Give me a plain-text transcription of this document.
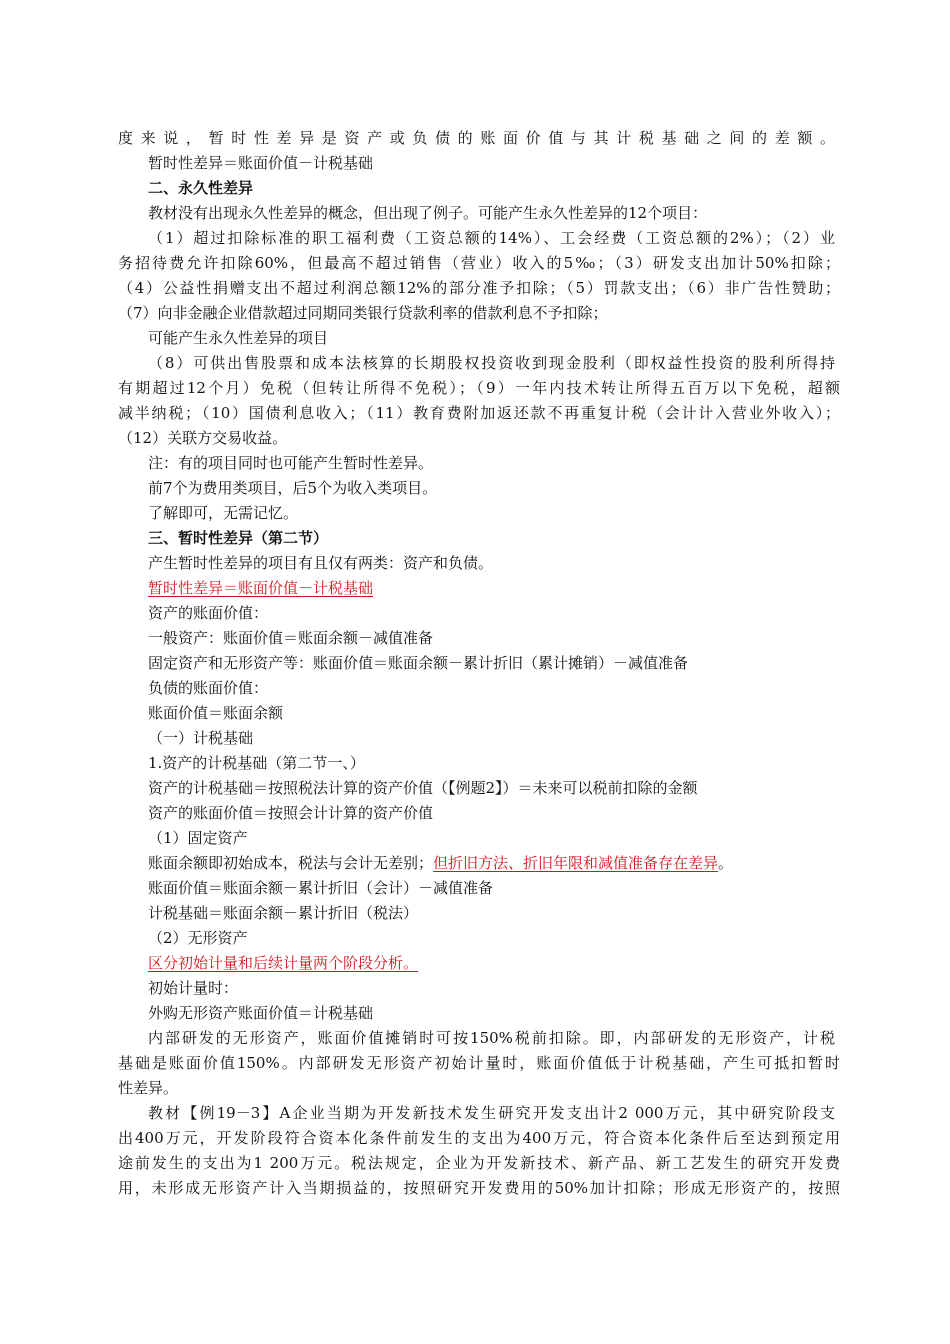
度来说，暂时性差异是资产或负债的账面价值与其计税基础之间的差额。
暂时性差异＝账面价值－计税基础
二、永久性差异
教材没有出现永久性差异的概念，但出现了例子。可能产生永久性差异的12个项目：
（1）超过扣除标准的职工福利费（工资总额的14%）、工会经费（工资总额的2%）；（2）业
务招待费允许扣除60%，但最高不超过销售（营业）收入的5‰；（3）研发支出加计50%扣除；
（4）公益性捐赠支出不超过利润总额12%的部分准予扣除；（5）罚款支出；（6）非广告性赞助；
（7）向非金融企业借款超过同期同类银行贷款利率的借款利息不予扣除；
可能产生永久性差异的项目
（8）可供出售股票和成本法核算的长期股权投资收到现金股利（即权益性投资的股利所得持
有期超过12个月）免税（但转让所得不免税）；（9）一年内技术转让所得五百万以下免税，超额
减半纳税；（10）国债利息收入；（11）教育费附加返还款不再重复计税（会计计入营业外收入）；
（12）关联方交易收益。
注：有的项目同时也可能产生暂时性差异。
前7个为费用类项目，后5个为收入类项目。
了解即可，无需记忆。
三、暂时性差异（第二节）
产生暂时性差异的项目有且仅有两类：资产和负债。
暂时性差异＝账面价值－计税基础
资产的账面价值：
一般资产：账面价值＝账面余额－减值准备
固定资产和无形资产等：账面价值＝账面余额－累计折旧（累计摊销）－减值准备
负债的账面价值：
账面价值＝账面余额
（一）计税基础
1.资产的计税基础（第二节一、）
资产的计税基础＝按照税法计算的资产价值（【例题2】）＝未来可以税前扣除的金额
资产的账面价值＝按照会计计算的资产价值
（1）固定资产
账面余额即初始成本，税法与会计无差别；但折旧方法、折旧年限和减值准备存在差异。
账面价值＝账面余额－累计折旧（会计）－减值准备
计税基础＝账面余额－累计折旧（税法）
（2）无形资产
区分初始计量和后续计量两个阶段分析。
初始计量时：
外购无形资产账面价值＝计税基础
内部研发的无形资产，账面价值摊销时可按150%税前扣除。即，内部研发的无形资产，计税
基础是账面价值150%。内部研发无形资产初始计量时，账面价值低于计税基础，产生可抵扣暂时
性差异。
教材【例19－3】A企业当期为开发新技术发生研究开发支出计2 000万元，其中研究阶段支
出400万元，开发阶段符合资本化条件前发生的支出为400万元，符合资本化条件后至达到预定用
途前发生的支出为1 200万元。税法规定，企业为开发新技术、新产品、新工艺发生的研究开发费
用，未形成无形资产计入当期损益的，按照研究开发费用的50%加计扣除；形成无形资产的，按照
